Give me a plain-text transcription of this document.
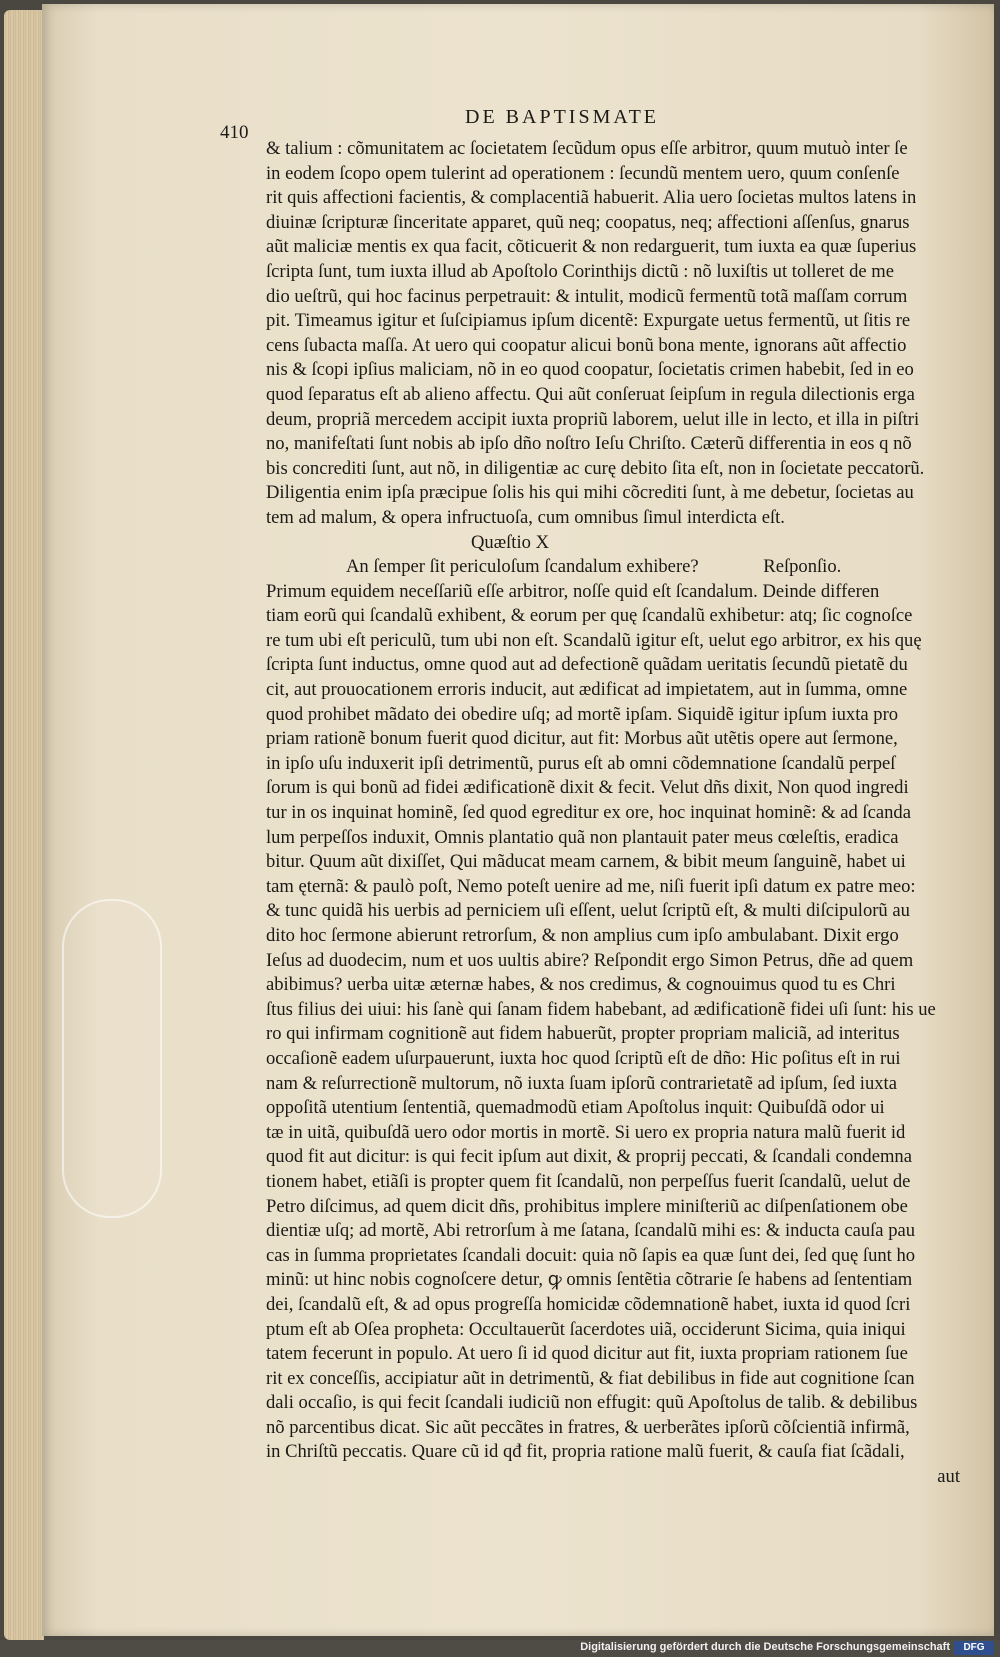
410
DE BAPTISMATE
& talium : cõmunitatem ac ſocietatem ſecũdum opus eſſe arbitror, quum mutuò inter ſe
in eodem ſcopo opem tulerint ad operationem : ſecundũ mentem uero, quum conſenſe
rit quis affectioni facientis, & complacentiã habuerit. Alia uero ſocietas multos latens in
diuinæ ſcripturæ ſinceritate apparet, quũ neq; coopatus, neq; affectioni aſſenſus, gnarus
aũt maliciæ mentis ex qua facit, cõticuerit & non redarguerit, tum iuxta ea quæ ſuperius
ſcripta ſunt, tum iuxta illud ab Apoſtolo Corinthijs dictũ : nõ luxiſtis ut tolleret de me
dio ueſtrũ, qui hoc facinus perpetrauit: & intulit, modicũ fermentũ totã maſſam corrum
pit. Timeamus igitur et ſuſcipiamus ipſum dicentẽ: Expurgate uetus fermentũ, ut ſitis re
cens ſubacta maſſa. At uero qui coopatur alicui bonũ bona mente, ignorans aũt affectio
nis & ſcopi ipſius maliciam, nõ in eo quod coopatur, ſocietatis crimen habebit, ſed in eo
quod ſeparatus eſt ab alieno affectu. Qui aũt conſeruat ſeipſum in regula dilectionis erga
deum, propriã mercedem accipit iuxta propriũ laborem, uelut ille in lecto, et illa in piſtri
no, manifeſtati ſunt nobis ab ipſo dño noſtro Ieſu Chriſto. Cæterũ differentia in eos q nõ
bis concrediti ſunt, aut nõ, in diligentiæ ac curę debito ſita eſt, non in ſocietate peccatorũ.
Diligentia enim ipſa præcipue ſolis his qui mihi cõcrediti ſunt, à me debetur, ſocietas au
tem ad malum, & opera infructuoſa, cum omnibus ſimul interdicta eſt.
Quæſtio X
An ſemper ſit periculoſum ſcandalum exhibere?	Reſponſio.
Primum equidem neceſſariũ eſſe arbitror, noſſe quid eſt ſcandalum. Deinde differen
tiam eorũ qui ſcandalũ exhibent, & eorum per quę ſcandalũ exhibetur: atq; ſic cognoſce
re tum ubi eſt periculũ, tum ubi non eſt. Scandalũ igitur eſt, uelut ego arbitror, ex his quę
ſcripta ſunt inductus, omne quod aut ad defectionẽ quãdam ueritatis ſecundũ pietatẽ du
cit, aut prouocationem erroris inducit, aut ædificat ad impietatem, aut in ſumma, omne
quod prohibet mãdato dei obedire uſq; ad mortẽ ipſam. Siquidẽ igitur ipſum iuxta pro
priam rationẽ bonum fuerit quod dicitur, aut fit: Morbus aũt utẽtis opere aut ſermone,
in ipſo uſu induxerit ipſi detrimentũ, purus eſt ab omni cõdemnatione ſcandalũ perpeſ
ſorum is qui bonũ ad fidei ædificationẽ dixit & fecit. Velut dñs dixit, Non quod ingredi
tur in os inquinat hominẽ, ſed quod egreditur ex ore, hoc inquinat hominẽ: & ad ſcanda
lum perpeſſos induxit, Omnis plantatio quã non plantauit pater meus cœleſtis, eradica
bitur. Quum aũt dixiſſet, Qui mãducat meam carnem, & bibit meum ſanguinẽ, habet ui
tam ęternã: & paulò poſt, Nemo poteſt uenire ad me, niſi fuerit ipſi datum ex patre meo:
& tunc quidã his uerbis ad perniciem uſi eſſent, uelut ſcriptũ eſt, & multi diſcipulorũ au
dito hoc ſermone abierunt retrorſum, & non amplius cum ipſo ambulabant. Dixit ergo
Ieſus ad duodecim, num et uos uultis abire? Reſpondit ergo Simon Petrus, dñe ad quem
abibimus? uerba uitæ æternæ habes, & nos credimus, & cognouimus quod tu es Chri
ſtus filius dei uiui: his ſanè qui ſanam fidem habebant, ad ædificationẽ fidei uſi ſunt: his ue
ro qui infirmam cognitionẽ aut fidem habuerũt, propter propriam maliciã, ad interitus
occaſionẽ eadem uſurpauerunt, iuxta hoc quod ſcriptũ eſt de dño: Hic poſitus eſt in rui
nam & reſurrectionẽ multorum, nõ iuxta ſuam ipſorũ contrarietatẽ ad ipſum, ſed iuxta
oppoſitã utentium ſententiã, quemadmodũ etiam Apoſtolus inquit: Quibuſdã odor ui
tæ in uitã, quibuſdã uero odor mortis in mortẽ. Si uero ex propria natura malũ fuerit id
quod fit aut dicitur: is qui fecit ipſum aut dixit, & proprij peccati, & ſcandali condemna
tionem habet, etiãſi is propter quem fit ſcandalũ, non perpeſſus fuerit ſcandalũ, uelut de
Petro diſcimus, ad quem dicit dñs, prohibitus implere miniſteriũ ac diſpenſationem obe
dientiæ uſq; ad mortẽ, Abi retrorſum à me ſatana, ſcandalũ mihi es: & inducta cauſa pau
cas in ſumma proprietates ſcandali docuit: quia nõ ſapis ea quæ ſunt dei, ſed quę ſunt ho
minũ: ut hinc nobis cognoſcere detur, ꝙ omnis ſentẽtia cõtrarie ſe habens ad ſententiam
dei, ſcandalũ eſt, & ad opus progreſſa homicidæ cõdemnationẽ habet, iuxta id quod ſcri
ptum eſt ab Oſea propheta: Occultauerũt ſacerdotes uiã, occiderunt Sicima, quia iniqui
tatem fecerunt in populo. At uero ſi id quod dicitur aut fit, iuxta propriam rationem ſue
rit ex conceſſis, accipiatur aũt in detrimentũ, & fiat debilibus in fide aut cognitione ſcan
dali occaſio, is qui fecit ſcandali iudiciũ non effugit: quũ Apoſtolus de talib. & debilibus
nõ parcentibus dicat. Sic aũt peccãtes in fratres, & uerberãtes ipſorũ cõſcientiã infirmã,
in Chriſtũ peccatis. Quare cũ id qđ fit, propria ratione malũ fuerit, & cauſa fiat ſcãdali,
aut
Digitalisierung gefördert durch die Deutsche Forschungsgemeinschaft	DFG
